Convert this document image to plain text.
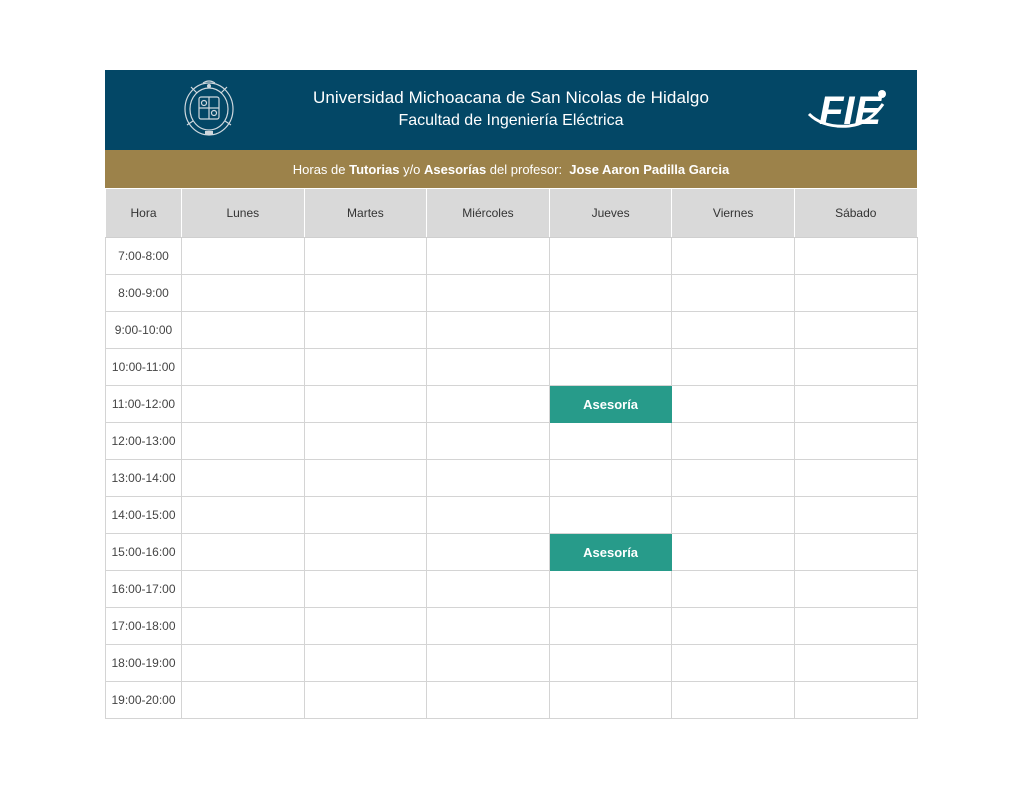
Universidad Michoacana de San Nicolas de Hidalgo
Facultad de Ingeniería Eléctrica	FIE
Horas de Tutorias y/o Asesorías del profesor: Jose Aaron Padilla Garcia
Hora	Lunes	Martes	Miércoles	Jueves	Viernes	Sábado
7:00-8:00						
8:00-9:00						
9:00-10:00						
10:00-11:00						
11:00-12:00				Asesoría		
12:00-13:00						
13:00-14:00						
14:00-15:00						
15:00-16:00				Asesoría		
16:00-17:00						
17:00-18:00						
18:00-19:00						
19:00-20:00						
